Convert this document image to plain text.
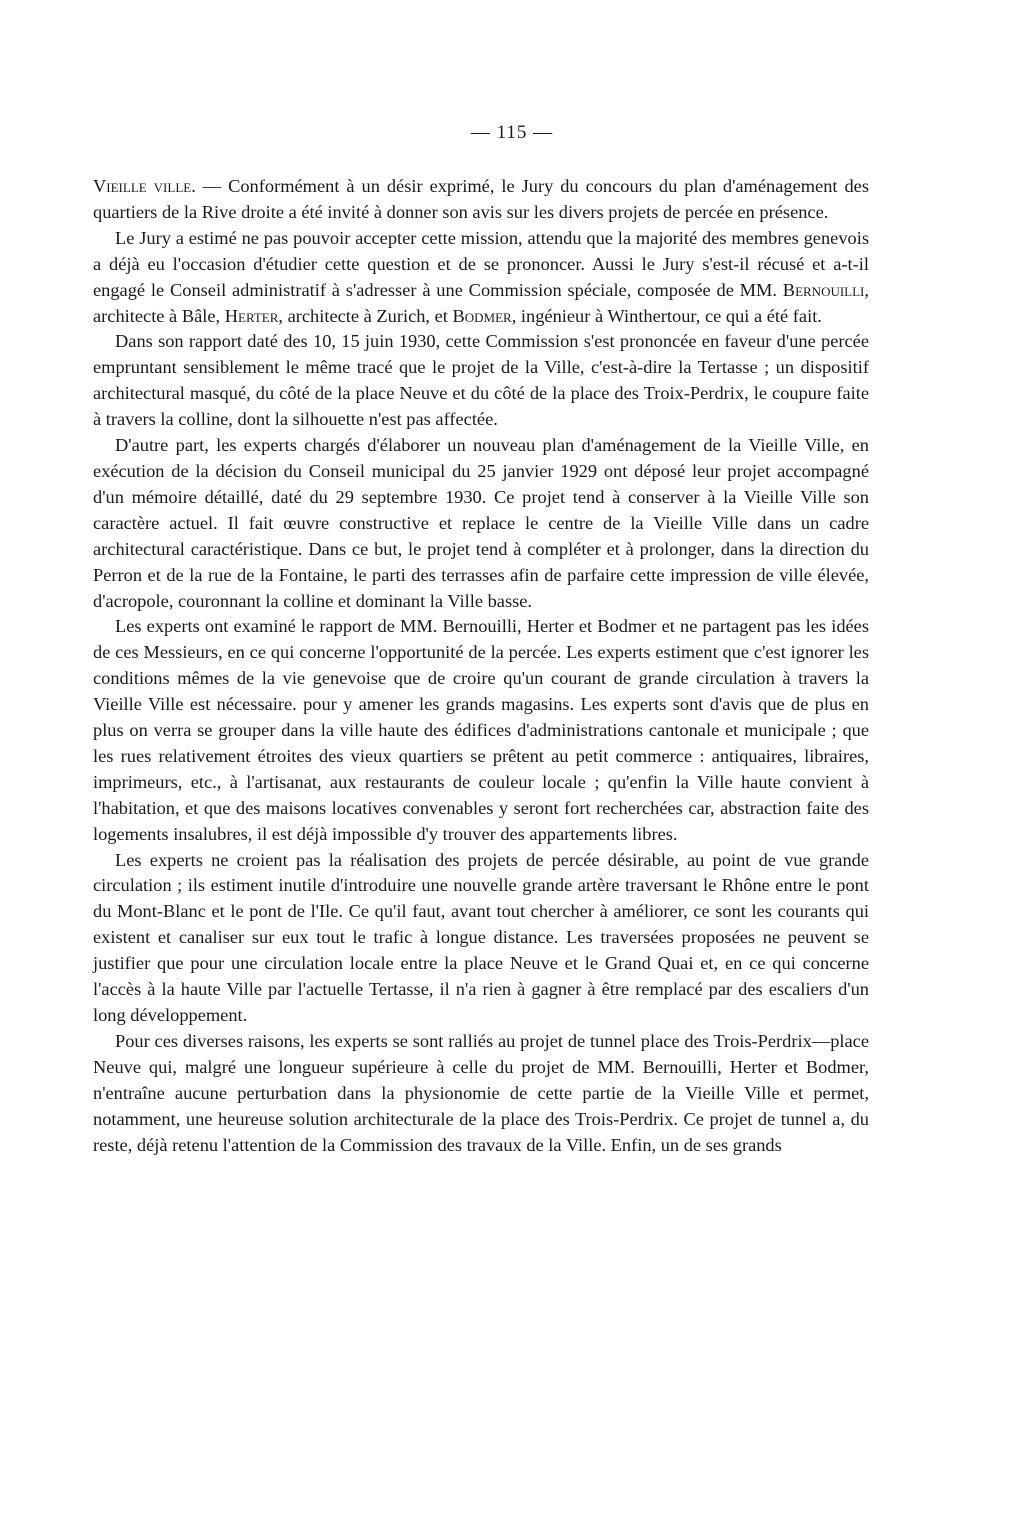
— 115 —

Vieille ville. — Conformément à un désir exprimé, le Jury du concours du plan d'aménagement des quartiers de la Rive droite a été invité à donner son avis sur les divers projets de percée en présence.

Le Jury a estimé ne pas pouvoir accepter cette mission, attendu que la majorité des membres genevois a déjà eu l'occasion d'étudier cette question et de se prononcer. Aussi le Jury s'est-il récusé et a-t-il engagé le Conseil administratif à s'adresser à une Commission spéciale, composée de MM. Bernouilli, architecte à Bâle, Herter, architecte à Zurich, et Bodmer, ingénieur à Winthertour, ce qui a été fait.

Dans son rapport daté des 10, 15 juin 1930, cette Commission s'est prononcée en faveur d'une percée empruntant sensiblement le même tracé que le projet de la Ville, c'est-à-dire la Tertasse ; un dispositif architectural masqué, du côté de la place Neuve et du côté de la place des Troix-Perdrix, le coupure faite à travers la colline, dont la silhouette n'est pas affectée.

D'autre part, les experts chargés d'élaborer un nouveau plan d'aménagement de la Vieille Ville, en exécution de la décision du Conseil municipal du 25 janvier 1929 ont déposé leur projet accompagné d'un mémoire détaillé, daté du 29 septembre 1930. Ce projet tend à conserver à la Vieille Ville son caractère actuel. Il fait œuvre constructive et replace le centre de la Vieille Ville dans un cadre architectural caractéristique. Dans ce but, le projet tend à compléter et à prolonger, dans la direction du Perron et de la rue de la Fontaine, le parti des terrasses afin de parfaire cette impression de ville élevée, d'acropole, couronnant la colline et dominant la Ville basse.

Les experts ont examiné le rapport de MM. Bernouilli, Herter et Bodmer et ne partagent pas les idées de ces Messieurs, en ce qui concerne l'opportunité de la percée. Les experts estiment que c'est ignorer les conditions mêmes de la vie genevoise que de croire qu'un courant de grande circulation à travers la Vieille Ville est nécessaire. pour y amener les grands magasins. Les experts sont d'avis que de plus en plus on verra se grouper dans la ville haute des édifices d'administrations cantonale et municipale ; que les rues relativement étroites des vieux quartiers se prêtent au petit commerce : antiquaires, libraires, imprimeurs, etc., à l'artisanat, aux restaurants de couleur locale ; qu'enfin la Ville haute convient à l'habitation, et que des maisons locatives convenables y seront fort recherchées car, abstraction faite des logements insalubres, il est déjà impossible d'y trouver des appartements libres.

Les experts ne croient pas la réalisation des projets de percée désirable, au point de vue grande circulation ; ils estiment inutile d'introduire une nouvelle grande artère traversant le Rhône entre le pont du Mont-Blanc et le pont de l'Ile. Ce qu'il faut, avant tout chercher à améliorer, ce sont les courants qui existent et canaliser sur eux tout le trafic à longue distance. Les traversées proposées ne peuvent se justifier que pour une circulation locale entre la place Neuve et le Grand Quai et, en ce qui concerne l'accès à la haute Ville par l'actuelle Tertasse, il n'a rien à gagner à être remplacé par des escaliers d'un long développement.

Pour ces diverses raisons, les experts se sont ralliés au projet de tunnel place des Trois-Perdrix—place Neuve qui, malgré une longueur supérieure à celle du projet de MM. Bernouilli, Herter et Bodmer, n'entraîne aucune perturbation dans la physionomie de cette partie de la Vieille Ville et permet, notamment, une heureuse solution architecturale de la place des Trois-Perdrix. Ce projet de tunnel a, du reste, déjà retenu l'attention de la Commission des travaux de la Ville. Enfin, un de ses grands
